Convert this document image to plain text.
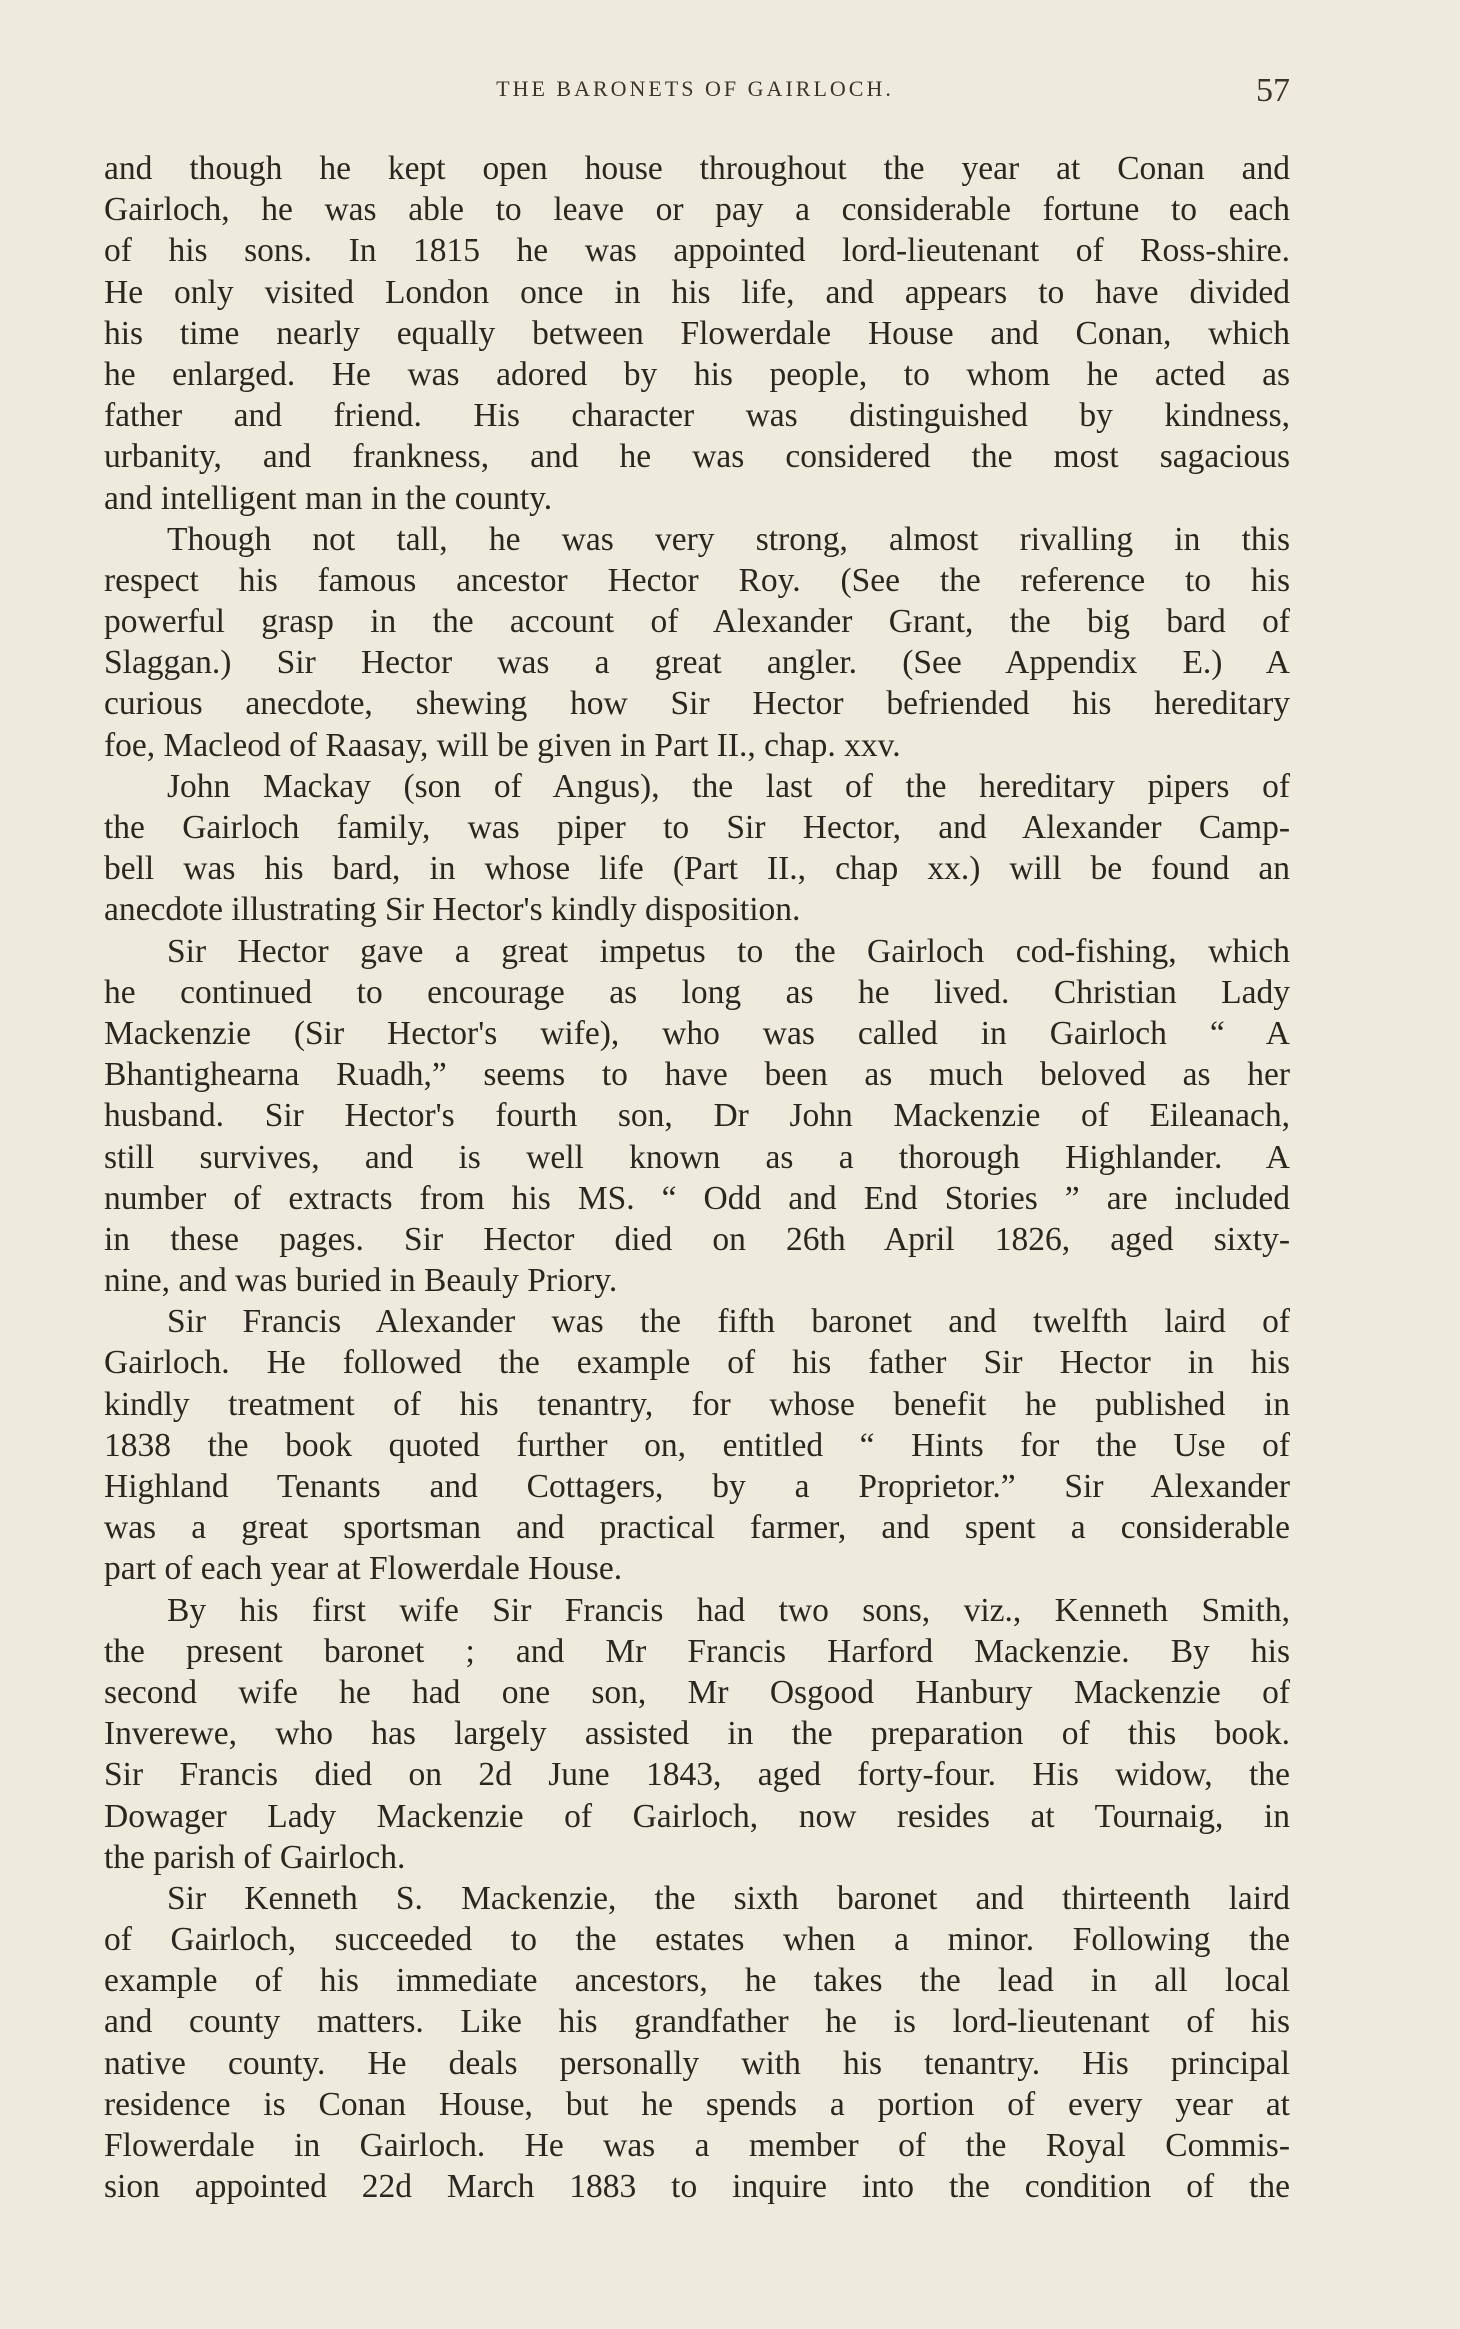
THE BARONETS OF GAIRLOCH.	57
and though he kept open house throughout the year at Conan and
Gairloch, he was able to leave or pay a considerable fortune to each
of his sons. In 1815 he was appointed lord-lieutenant of Ross-shire.
He only visited London once in his life, and appears to have divided
his time nearly equally between Flowerdale House and Conan, which
he enlarged. He was adored by his people, to whom he acted as
father and friend. His character was distinguished by kindness,
urbanity, and frankness, and he was considered the most sagacious
and intelligent man in the county.
Though not tall, he was very strong, almost rivalling in this
respect his famous ancestor Hector Roy. (See the reference to his
powerful grasp in the account of Alexander Grant, the big bard of
Slaggan.) Sir Hector was a great angler. (See Appendix E.) A
curious anecdote, shewing how Sir Hector befriended his hereditary
foe, Macleod of Raasay, will be given in Part II., chap. xxv.
John Mackay (son of Angus), the last of the hereditary pipers of
the Gairloch family, was piper to Sir Hector, and Alexander Camp-
bell was his bard, in whose life (Part II., chap xx.) will be found an
anecdote illustrating Sir Hector's kindly disposition.
Sir Hector gave a great impetus to the Gairloch cod-fishing, which
he continued to encourage as long as he lived. Christian Lady
Mackenzie (Sir Hector's wife), who was called in Gairloch “ A
Bhantighearna Ruadh,” seems to have been as much beloved as her
husband. Sir Hector's fourth son, Dr John Mackenzie of Eileanach,
still survives, and is well known as a thorough Highlander. A
number of extracts from his MS. “ Odd and End Stories ” are included
in these pages. Sir Hector died on 26th April 1826, aged sixty-
nine, and was buried in Beauly Priory.
Sir Francis Alexander was the fifth baronet and twelfth laird of
Gairloch. He followed the example of his father Sir Hector in his
kindly treatment of his tenantry, for whose benefit he published in
1838 the book quoted further on, entitled “ Hints for the Use of
Highland Tenants and Cottagers, by a Proprietor.” Sir Alexander
was a great sportsman and practical farmer, and spent a considerable
part of each year at Flowerdale House.
By his first wife Sir Francis had two sons, viz., Kenneth Smith,
the present baronet ; and Mr Francis Harford Mackenzie. By his
second wife he had one son, Mr Osgood Hanbury Mackenzie of
Inverewe, who has largely assisted in the preparation of this book.
Sir Francis died on 2d June 1843, aged forty-four. His widow, the
Dowager Lady Mackenzie of Gairloch, now resides at Tournaig, in
the parish of Gairloch.
Sir Kenneth S. Mackenzie, the sixth baronet and thirteenth laird
of Gairloch, succeeded to the estates when a minor. Following the
example of his immediate ancestors, he takes the lead in all local
and county matters. Like his grandfather he is lord-lieutenant of his
native county. He deals personally with his tenantry. His principal
residence is Conan House, but he spends a portion of every year at
Flowerdale in Gairloch. He was a member of the Royal Commis-
sion appointed 22d March 1883 to inquire into the condition of the
